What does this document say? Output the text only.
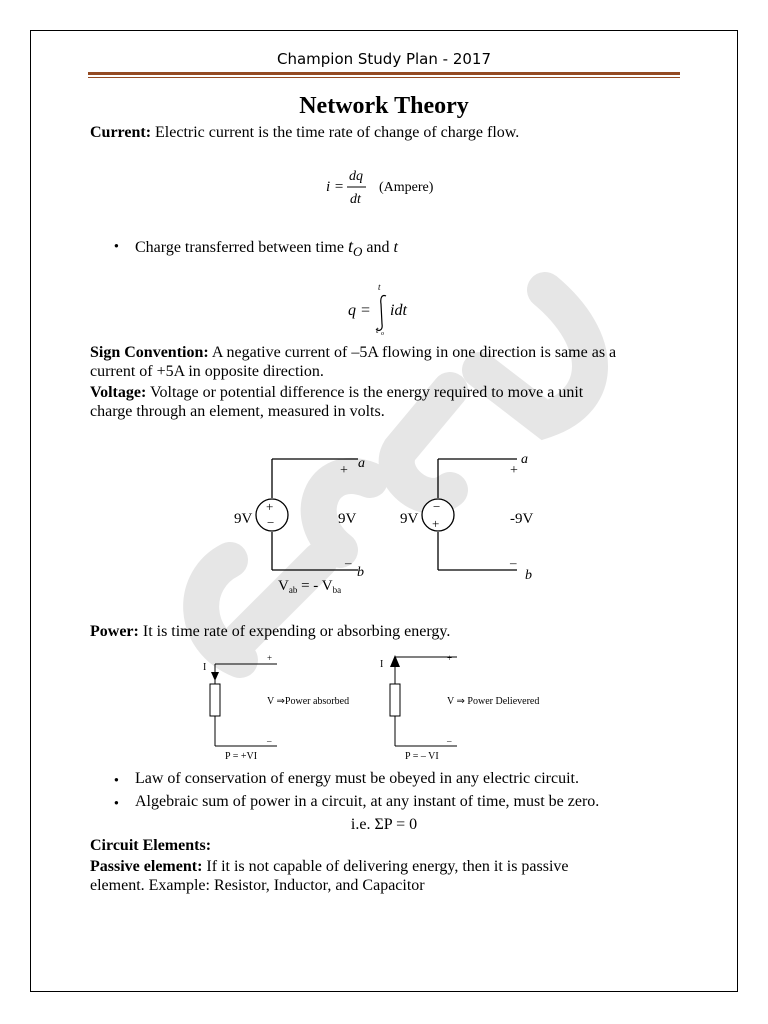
Champion Study Plan - 2017
Network Theory
Current: Electric current is the time rate of change of charge flow.
i =
dq
dt
(Ampere)
● Charge transferred between time $t_O$ and t
q =
t
t o
idt
Sign Convention: A negative current of –5A flowing in one direction is same as a
current of +5A in opposite direction.
Voltage: Voltage or potential difference is the energy required to move a unit
charge through an element, measured in volts.
+
−
9V
+ a
9V
–
b
$V_{ab}$ = - $V_{ba}$
−
+
9V
+
a
-9V
–
b
Power: It is time rate of expending or absorbing energy.
I
+
–
V ⇒Power absorbed
P = +VI
I
+
–
V ⇒ Power Delievered
P = – VI
● Law of conservation of energy must be obeyed in any electric circuit.
● Algebraic sum of power in a circuit, at any instant of time, must be zero.
i.e. ΣP = 0
Circuit Elements:
Passive element: If it is not capable of delivering energy, then it is passive
element. Example: Resistor, Inductor, and Capacitor
